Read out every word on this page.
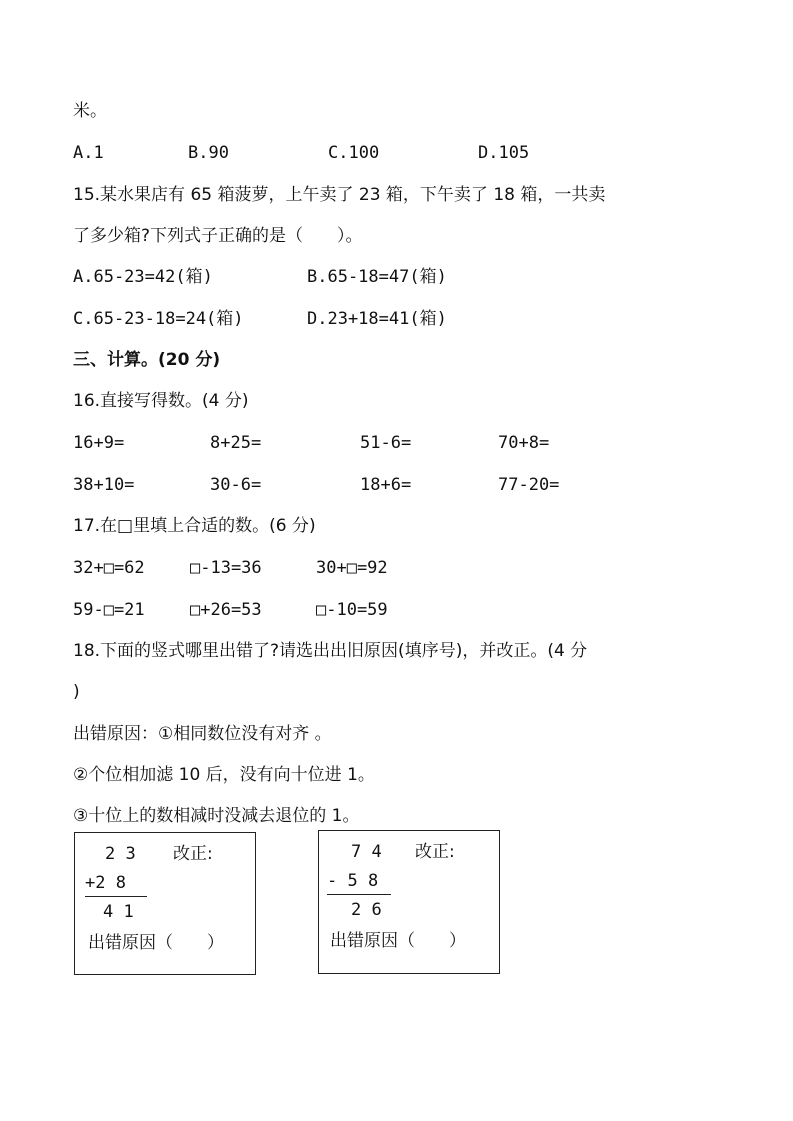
米。
A.1	B.90	C.100	D.105
15.某水果店有 65 箱菠萝，上午卖了 23 箱，下午卖了 18 箱，一共卖
了多少箱?下列式子正确的是（　　）。
A.65-23=42(箱)	B.65-18=47(箱)
C.65-23-18=24(箱)	D.23+18=41(箱)
三、计算。(20 分)
16.直接写得数。(4 分)
16+9=	8+25=	51-6=	70+8=
38+10=	30-6=	18+6=	77-20=
17.在□里填上合适的数。(6 分)
32+□=62	□-13=36	30+□=92
59-□=21	□+26=53	□-10=59
18.下面的竖式哪里出错了?请选出出旧原因(填序号)，并改正。(4 分
)
出错原因：①相同数位没有对齐 。
②个位相加滤 10 后，没有向十位进 1。
③十位上的数相减时没减去退位的 1。
2 3 改正:
+2 8
4 1
出错原因（　　）
7 4 改正:
- 5 8
2 6
出错原因（　　）
